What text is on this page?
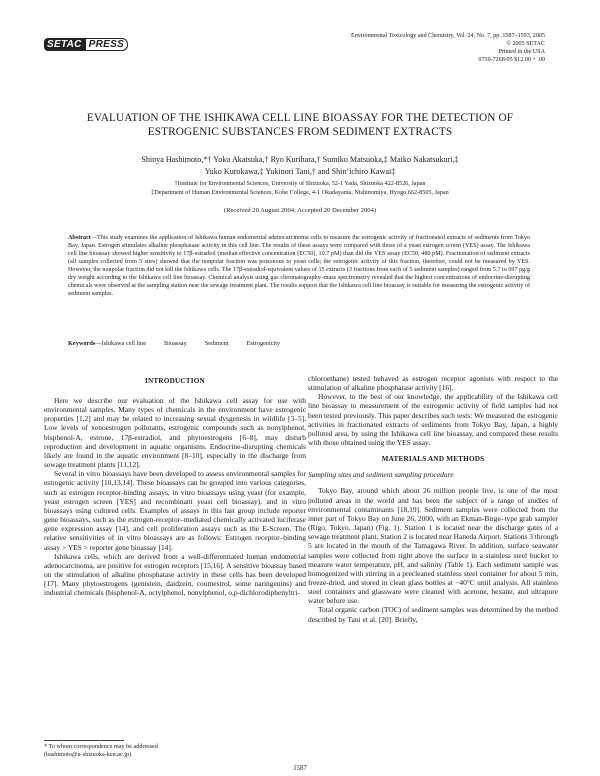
SETAC PRESS
Environmental Toxicology and Chemistry, Vol. 24, No. 7, pp. 1587–1593, 2005
© 2005 SETAC
Printed in the USA
0730-7268/05 $12.00 + .00
EVALUATION OF THE ISHIKAWA CELL LINE BIOASSAY FOR THE DETECTION OF
ESTROGENIC SUBSTANCES FROM SEDIMENT EXTRACTS
Shinya Hashimoto,*† Yoko Akatsuka,† Ryo Kurihara,† Sumiko Matsuoka,‡ Maiko Nakatsukuri,‡
Yuko Kurokawa,‡ Yukinori Tani,† and Shin’ichiro Kawai‡
†Institute for Environmental Sciences, University of Shizuoka, 52-1 Yada, Shizuoka 422-8526, Japan
‡Department of Human Environmental Sciences, Kobe College, 4-1 Okadayama, Nishinomiya, Hyogo 662-8505, Japan
(Received 20 August 2004; Accepted 20 December 2004)
Abstract—This study examines the application of Ishikawa human endometrial adenocarcinoma cells to measure the estrogenic activity of fractionated extracts of sediments from Tokyo Bay, Japan. Estrogen stimulates alkaline phosphatase activity in this cell line. The results of these assays were compared with those of a yeast estrogen screen (YES) assay. The Ishikawa cell line bioassay showed higher sensitivity to 17β-estradiol (median effective concentration [EC50], 10.7 pM) than did the YES assay (EC50, 480 pM). Fractionation of sediment extracts (all samples collected from 5 sites) showed that the nonpolar fraction was poisonous to yeast cells; the estrogenic activity of this fraction, therefore, could not be measured by YES. However, the nonpolar fraction did not kill the Ishikawa cells. The 17β-estradiol-equivalent values of 15 extracts (3 fractions from each of 5 sediment samples) ranged from 5.7 to 697 pg/g dry weight according to the Ishikawa cell line bioassay. Chemical analysis using gas chromatography–mass spectrometry revealed that the highest concentrations of endocrine-disrupting chemicals were observed at the sampling station near the sewage treatment plant. The results support that the Ishikawa cell line bioassay is suitable for measuring the estrogenic activity of sediment samples.
Keywords—Ishikawa cell line	Bioassay	Sediment	Estrogenicity
INTRODUCTION

Here we describe our evaluation of the Ishikawa cell assay for use with environmental samples. Many types of chemicals in the environment have estrogenic properties [1,2] and may be related to increasing sexual dysgenesis in wildlife [3–5]. Low levels of xenoestrogen pollutants, estrogenic compounds such as nonylphenol, bisphenol-A, estrone, 17β-estradiol, and phytoestrogens [6–8], may disturb reproduction and development in aquatic organisms. Endocrine-disrupting chemicals likely are found in the aquatic environment [8–10], especially in the discharge from sewage treatment plants [11,12].

Several in vitro bioassays have been developed to assess environmental samples for estrogenic activity [10,13,14]. These bioassays can be grouped into various categories, such as estrogen receptor-binding assays, in vitro bioassays using yeast (for example, yeast estrogen screen [YES] and recombinant yeast cell bioassay), and in vitro bioassays using cultured cells. Examples of assays in this last group include reporter gene bioassays, such as the estrogen-receptor–mediated chemically activated luciferase gene expression assay [14], and cell proliferation assays such as the E-Screen. The relative sensitivities of in vitro bioassays are as follows: Estrogen receptor–binding assay > YES > reporter gene bioassay [14].

Ishikawa cells, which are derived from a well-differentiated human endometrial adenocarcinoma, are positive for estrogen receptors [15,16]. A sensitive bioassay based on the stimulation of alkaline phosphatase activity in these cells has been developed [17]. Many phytoestrogens (genistein, daidzein, coumestrol, some naringenins) and industrial chemicals (bisphenol-A, octylphenol, nonylphenol, o,p-dichlorodiphenyltri-

chloroethane) tested behaved as estrogen receptor agonists with respect to the stimulation of alkaline phosphatase activity [16].

However, to the best of our knowledge, the applicability of the Ishikawa cell line bioassay to measurement of the estrogenic activity of field samples had not been tested previously. This paper describes such tests: We measured the estrogenic activities in fractionated extracts of sediments from Tokyo Bay, Japan, a highly polluted area, by using the Ishikawa cell line bioassay, and compared these results with those obtained using the YES assay.

MATERIALS AND METHODS
Sampling sites and sediment sampling procedure

Tokyo Bay, around which about 26 million people live, is one of the most polluted areas in the world and has been the subject of a range of studies of environmental contaminants [18,19]. Sediment samples were collected from the inner part of Tokyo Bay on June 26, 2000, with an Ekman-Birge–type grab sampler (Rigo, Tokyo, Japan) (Fig. 1). Station 1 is located near the discharge gates of a sewage treatment plant. Station 2 is located near Haneda Airport. Stations 3 through 5 are located in the mouth of the Tamagawa River. In addition, surface seawater samples were collected from right above the surface in a stainless steel bucket to measure water temperature, pH, and salinity (Table 1). Each sediment sample was homogenized with stirring in a precleaned stainless steel container for about 5 min, freeze-dried, and stored in clean glass bottles at −40°C until analysis. All stainless steel containers and glassware were cleaned with acetone, hexane, and ultrapure water before use.

Total organic carbon (TOC) of sediment samples was determined by the method described by Tani et al. [20]. Briefly,

* To whom correspondence may be addressed
(bashimoto@u-shizuoka-ken.ac.jp).
1587
